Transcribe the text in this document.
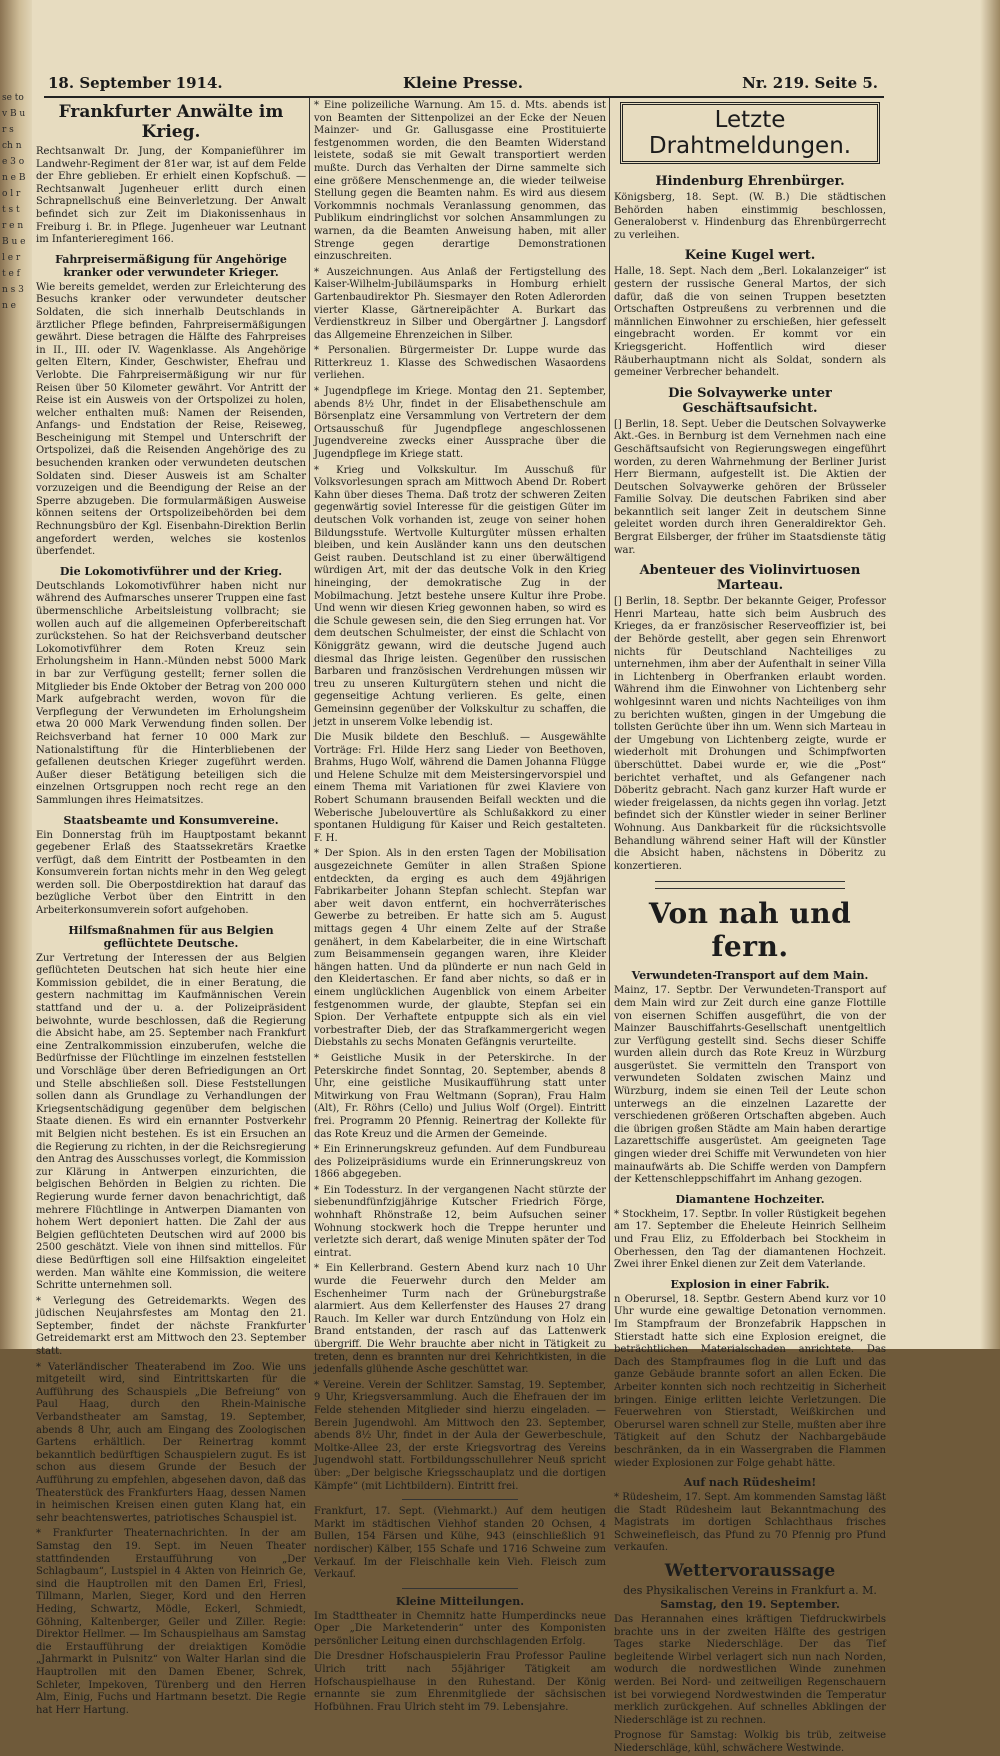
se to v B u r s ch n e 3 o n e B o l r t s t r e n B u e l e r t e f n s 3 n e
18. September 1914.	Kleine Presse.	Nr. 219. Seite 5.
Frankfurter Anwälte im Krieg.

Rechtsanwalt Dr. Jung, der Kompanieführer im Landwehr-Regiment der 81er war, ist auf dem Felde der Ehre geblieben. Er erhielt einen Kopfschuß. — Rechtsanwalt Jugenheuer erlitt durch einen Schrapnellschuß eine Beinverletzung. Der Anwalt befindet sich zur Zeit im Diakonissenhaus in Freiburg i. Br. in Pflege. Jugenheuer war Leutnant im Infanterieregiment 166.

Fahrpreisermäßigung für Angehörige kranker oder verwundeter Krieger.

Wie bereits gemeldet, werden zur Erleichterung des Besuchs kranker oder verwundeter deutscher Soldaten, die sich innerhalb Deutschlands in ärztlicher Pflege befinden, Fahrpreisermäßigungen gewährt. Diese betragen die Hälfte des Fahrpreises in II., III. oder IV. Wagenklasse. Als Angehörige gelten Eltern, Kinder, Geschwister, Ehefrau und Verlobte. Die Fahrpreisermäßigung wir nur für Reisen über 50 Kilometer gewährt. Vor Antritt der Reise ist ein Ausweis von der Ortspolizei zu holen, welcher enthalten muß: Namen der Reisenden, Anfangs- und Endstation der Reise, Reiseweg, Bescheinigung mit Stempel und Unterschrift der Ortspolizei, daß die Reisenden Angehörige des zu besuchenden kranken oder verwundeten deutschen Soldaten sind. Dieser Ausweis ist am Schalter vorzuzeigen und die Beendigung der Reise an der Sperre abzugeben. Die formularmäßigen Ausweise können seitens der Ortspolizeibehörden bei dem Rechnungsbüro der Kgl. Eisenbahn-Direktion Berlin angefordert werden, welches sie kostenlos überfendet.

Die Lokomotivführer und der Krieg.

Deutschlands Lokomotivführer haben nicht nur während des Aufmarsches unserer Truppen eine fast übermenschliche Arbeitsleistung vollbracht; sie wollen auch auf die allgemeinen Opferbereitschaft zurückstehen. So hat der Reichsverband deutscher Lokomotivführer dem Roten Kreuz sein Erholungsheim in Hann.-Münden nebst 5000 Mark in bar zur Verfügung gestellt; ferner sollen die Mitglieder bis Ende Oktober der Betrag von 200 000 Mark aufgebracht werden, wovon für die Verpflegung der Verwundeten im Erholungsheim etwa 20 000 Mark Verwendung finden sollen. Der Reichsverband hat ferner 10 000 Mark zur Nationalstiftung für die Hinterbliebenen der gefallenen deutschen Krieger zugeführt werden. Außer dieser Betätigung beteiligen sich die einzelnen Ortsgruppen noch recht rege an den Sammlungen ihres Heimatsitzes.

Staatsbeamte und Konsumvereine.

Ein Donnerstag früh im Hauptpostamt bekannt gegebener Erlaß des Staatssekretärs Kraetke verfügt, daß dem Eintritt der Postbeamten in den Konsumverein fortan nichts mehr in den Weg gelegt werden soll. Die Oberpostdirektion hat darauf das bezügliche Verbot über den Eintritt in den Arbeiterkonsumverein sofort aufgehoben.

Hilfsmaßnahmen für aus Belgien geflüchtete Deutsche.

Zur Vertretung der Interessen der aus Belgien geflüchteten Deutschen hat sich heute hier eine Kommission gebildet, die in einer Beratung, die gestern nachmittag im Kaufmännischen Verein stattfand und der u. a. der Polizeipräsident beiwohnte, wurde beschlossen, daß die Regierung die Absicht habe, am 25. September nach Frankfurt eine Zentralkommission einzuberufen, welche die Bedürfnisse der Flüchtlinge im einzelnen feststellen und Vorschläge über deren Befriedigungen an Ort und Stelle abschließen soll. Diese Feststellungen sollen dann als Grundlage zu Verhandlungen der Kriegsentschädigung gegenüber dem belgischen Staate dienen. Es wird ein ernannter Postverkehr mit Belgien nicht bestehen. Es ist ein Ersuchen an die Regierung zu richten, in der die Reichsregierung den Antrag des Ausschusses vorlegt, die Kommission zur Klärung in Antwerpen einzurichten, die belgischen Behörden in Belgien zu richten. Die Regierung wurde ferner davon benachrichtigt, daß mehrere Flüchtlinge in Antwerpen Diamanten von hohem Wert deponiert hatten. Die Zahl der aus Belgien geflüchteten Deutschen wird auf 2000 bis 2500 geschätzt. Viele von ihnen sind mittellos. Für diese Bedürftigen soll eine Hilfsaktion eingeleitet werden. Man wählte eine Kommission, die weitere Schritte unternehmen soll.

* Verlegung des Getreidemarkts. Wegen des jüdischen Neujahrsfestes am Montag den 21. September, findet der nächste Frankfurter Getreidemarkt erst am Mittwoch den 23. September statt.

* Vaterländischer Theaterabend im Zoo. Wie uns mitgeteilt wird, sind Eintrittskarten für die Aufführung des Schauspiels „Die Befreiung“ von Paul Haag, durch den Rhein-Mainische Verbandstheater am Samstag, 19. September, abends 8 Uhr, auch am Eingang des Zoologischen Gartens erhältlich. Der Reinertrag kommt bekanntlich bedürftigen Schauspielern zugut. Es ist schon aus diesem Grunde der Besuch der Aufführung zu empfehlen, abgesehen davon, daß das Theaterstück des Frankfurters Haag, dessen Namen in heimischen Kreisen einen guten Klang hat, ein sehr beachtenswertes, patriotisches Schauspiel ist.

* Frankfurter Theaternachrichten. In der am Samstag den 19. Sept. im Neuen Theater stattfindenden Erstaufführung von „Der Schlagbaum“, Lustspiel in 4 Akten von Heinrich Ge, sind die Hauptrollen mit den Damen Erl, Friesl, Tillmann, Marlen, Sieger, Kord und den Herren Heding, Schwartz, Mödle, Eckerl, Schmiedt, Göhning, Kaltenberger, Geiler und Ziller. Regie: Direktor Hellmer. — Im Schauspielhaus am Samstag die Erstaufführung der dreiaktigen Komödie „Jahrmarkt in Pulsnitz“ von Walter Harlan sind die Hauptrollen mit den Damen Ebener, Schrek, Schleter, Impekoven, Türenberg und den Herren Alm, Einig, Fuchs und Hartmann besetzt. Die Regie hat Herr Hartung.

* Eine polizeiliche Warnung. Am 15. d. Mts. abends ist von Beamten der Sittenpolizei an der Ecke der Neuen Mainzer- und Gr. Gallusgasse eine Prostituierte festgenommen worden, die den Beamten Widerstand leistete, sodaß sie mit Gewalt transportiert werden mußte. Durch das Verhalten der Dirne sammelte sich eine größere Menschenmenge an, die wieder teilweise Stellung gegen die Beamten nahm. Es wird aus diesem Vorkommnis nochmals Veranlassung genommen, das Publikum eindringlichst vor solchen Ansammlungen zu warnen, da die Beamten Anweisung haben, mit aller Strenge gegen derartige Demonstrationen einzuschreiten.

* Auszeichnungen. Aus Anlaß der Fertigstellung des Kaiser-Wilhelm-Jubiläumsparks in Homburg erhielt Gartenbaudirektor Ph. Siesmayer den Roten Adlerorden vierter Klasse, Gärtnereipächter A. Burkart das Verdienstkreuz in Silber und Obergärtner J. Langsdorf das Allgemeine Ehrenzeichen in Silber.

* Personalien. Bürgermeister Dr. Luppe wurde das Ritterkreuz 1. Klasse des Schwedischen Wasaordens verliehen.

* Jugendpflege im Kriege. Montag den 21. September, abends 8½ Uhr, findet in der Elisabethenschule am Börsenplatz eine Versammlung von Vertretern der dem Ortsausschuß für Jugendpflege angeschlossenen Jugendvereine zwecks einer Aussprache über die Jugendpflege im Kriege statt.

* Krieg und Volkskultur. Im Ausschuß für Volksvorlesungen sprach am Mittwoch Abend Dr. Robert Kahn über dieses Thema. Daß trotz der schweren Zeiten gegenwärtig soviel Interesse für die geistigen Güter im deutschen Volk vorhanden ist, zeuge von seiner hohen Bildungsstufe. Wertvolle Kulturgüter müssen erhalten bleiben, und kein Ausländer kann uns den deutschen Geist rauben. Deutschland ist zu einer überwältigend würdigen Art, mit der das deutsche Volk in den Krieg hineinging, der demokratische Zug in der Mobilmachung. Jetzt bestehe unsere Kultur ihre Probe. Und wenn wir diesen Krieg gewonnen haben, so wird es die Schule gewesen sein, die den Sieg errungen hat. Vor dem deutschen Schulmeister, der einst die Schlacht von Königgrätz gewann, wird die deutsche Jugend auch diesmal das Ihrige leisten. Gegenüber den russischen Barbaren und französischen Verdrehungen müssen wir treu zu unseren Kulturgütern stehen und nicht die gegenseitige Achtung verlieren. Es gelte, einen Gemeinsinn gegenüber der Volkskultur zu schaffen, die jetzt in unserem Volke lebendig ist.

Die Musik bildete den Beschluß. — Ausgewählte Vorträge: Frl. Hilde Herz sang Lieder von Beethoven, Brahms, Hugo Wolf, während die Damen Johanna Flügge und Helene Schulze mit dem Meistersingervorspiel und einem Thema mit Variationen für zwei Klaviere von Robert Schumann brausenden Beifall weckten und die Weberische Jubelouvertüre als Schlußakkord zu einer spontanen Huldigung für Kaiser und Reich gestalteten. F. H.

* Der Spion. Als in den ersten Tagen der Mobilisation ausgezeichnete Gemüter in allen Straßen Spione entdeckten, da erging es auch dem 49jährigen Fabrikarbeiter Johann Stepfan schlecht. Stepfan war aber weit davon entfernt, ein hochverräterisches Gewerbe zu betreiben. Er hatte sich am 5. August mittags gegen 4 Uhr einem Zelte auf der Straße genähert, in dem Kabelarbeiter, die in eine Wirtschaft zum Beisammensein gegangen waren, ihre Kleider hängen hatten. Und da plünderte er nun nach Geld in den Kleidertaschen. Er fand aber nichts, so daß er in einem unglücklichen Augenblick von einem Arbeiter festgenommen wurde, der glaubte, Stepfan sei ein Spion. Der Verhaftete entpuppte sich als ein viel vorbestrafter Dieb, der das Strafkammergericht wegen Diebstahls zu sechs Monaten Gefängnis verurteilte.

* Geistliche Musik in der Peterskirche. In der Peterskirche findet Sonntag, 20. September, abends 8 Uhr, eine geistliche Musikaufführung statt unter Mitwirkung von Frau Weltmann (Sopran), Frau Halm (Alt), Fr. Röhrs (Cello) und Julius Wolf (Orgel). Eintritt frei. Programm 20 Pfennig. Reinertrag der Kollekte für das Rote Kreuz und die Armen der Gemeinde.

* Ein Erinnerungskreuz gefunden. Auf dem Fundbureau des Polizeipräsidiums wurde ein Erinnerungskreuz von 1866 abgegeben.

* Ein Todessturz. In der vergangenen Nacht stürzte der siebenundfünfzigjährige Kutscher Friedrich Förge, wohnhaft Rhönstraße 12, beim Aufsuchen seiner Wohnung stockwerk hoch die Treppe herunter und verletzte sich derart, daß wenige Minuten später der Tod eintrat.

* Ein Kellerbrand. Gestern Abend kurz nach 10 Uhr wurde die Feuerwehr durch den Melder am Eschenheimer Turm nach der Grüneburgstraße alarmiert. Aus dem Kellerfenster des Hauses 27 drang Rauch. Im Keller war durch Entzündung von Holz ein Brand entstanden, der rasch auf das Lattenwerk übergriff. Die Wehr brauchte aber nicht in Tätigkeit zu treten, denn es brannten nur drei Kehrichtkisten, in die jedenfalls glühende Asche geschüttet war.

* Vereine. Verein der Schlitzer. Samstag, 19. September, 9 Uhr, Kriegsversammlung. Auch die Ehefrauen der im Felde stehenden Mitglieder sind hierzu eingeladen. — Berein Jugendwohl. Am Mittwoch den 23. September, abends 8½ Uhr, findet in der Aula der Gewerbeschule, Moltke-Allee 23, der erste Kriegsvortrag des Vereins Jugendwohl statt. Fortbildungsschullehrer Neuß spricht über: „Der belgische Kriegsschauplatz und die dortigen Kämpfe“ (mit Lichtbildern). Eintritt frei.

Frankfurt, 17. Sept. (Viehmarkt.) Auf dem heutigen Markt im städtischen Viehhof standen 20 Ochsen, 4 Bullen, 154 Färsen und Kühe, 943 (einschließlich 91 nordischer) Kälber, 155 Schafe und 1716 Schweine zum Verkauf. Im der Fleischhalle kein Vieh. Fleisch zum Verkauf.

Kleine Mitteilungen.

Im Stadttheater in Chemnitz hatte Humperdincks neue Oper „Die Marketenderin“ unter des Komponisten persönlicher Leitung einen durchschlagenden Erfolg.

Die Dresdner Hofschauspielerin Frau Professor Pauline Ulrich tritt nach 55jähriger Tätigkeit am Hofschauspielhause in den Ruhestand. Der König ernannte sie zum Ehrenmitgliede der sächsischen Hofbühnen. Frau Ulrich steht im 79. Lebensjahre.

Letzte Drahtmeldungen.
Hindenburg Ehrenbürger.

Königsberg, 18. Sept. (W. B.) Die städtischen Behörden haben einstimmig beschlossen, Generaloberst v. Hindenburg das Ehrenbürgerrecht zu verleihen.

Keine Kugel wert.

Halle, 18. Sept. Nach dem „Berl. Lokalanzeiger“ ist gestern der russische General Martos, der sich dafür, daß die von seinen Truppen besetzten Ortschaften Ostpreußens zu verbrennen und die männlichen Einwohner zu erschießen, hier gefesselt eingebracht worden. Er kommt vor ein Kriegsgericht. Hoffentlich wird dieser Räuberhauptmann nicht als Soldat, sondern als gemeiner Verbrecher behandelt.

Die Solvaywerke unter Geschäftsaufsicht.

[] Berlin, 18. Sept. Ueber die Deutschen Solvaywerke Akt.-Ges. in Bernburg ist dem Vernehmen nach eine Geschäftsaufsicht von Regierungswegen eingeführt worden, zu deren Wahrnehmung der Berliner Jurist Herr Biermann, aufgestellt ist. Die Aktien der Deutschen Solvaywerke gehören der Brüsseler Familie Solvay. Die deutschen Fabriken sind aber bekanntlich seit langer Zeit in deutschem Sinne geleitet worden durch ihren Generaldirektor Geh. Bergrat Eilsberger, der früher im Staatsdienste tätig war.

Abenteuer des Violinvirtuosen Marteau.

[] Berlin, 18. Septbr. Der bekannte Geiger, Professor Henri Marteau, hatte sich beim Ausbruch des Krieges, da er französischer Reserveoffizier ist, bei der Behörde gestellt, aber gegen sein Ehrenwort nichts für Deutschland Nachteiliges zu unternehmen, ihm aber der Aufenthalt in seiner Villa in Lichtenberg in Oberfranken erlaubt worden. Während ihm die Einwohner von Lichtenberg sehr wohlgesinnt waren und nichts Nachteiliges von ihm zu berichten wußten, gingen in der Umgebung die tollsten Gerüchte über ihn um. Wenn sich Marteau in der Umgebung von Lichtenberg zeigte, wurde er wiederholt mit Drohungen und Schimpfworten überschüttet. Dabei wurde er, wie die „Post“ berichtet verhaftet, und als Gefangener nach Döberitz gebracht. Nach ganz kurzer Haft wurde er wieder freigelassen, da nichts gegen ihn vorlag. Jetzt befindet sich der Künstler wieder in seiner Berliner Wohnung. Aus Dankbarkeit für die rücksichtsvolle Behandlung während seiner Haft will der Künstler die Absicht haben, nächstens in Döberitz zu konzertieren.

Von nah und fern.
Verwundeten-Transport auf dem Main.

Mainz, 17. Septbr. Der Verwundeten-Transport auf dem Main wird zur Zeit durch eine ganze Flottille von eisernen Schiffen ausgeführt, die von der Mainzer Bauschiffahrts-Gesellschaft unentgeltlich zur Verfügung gestellt sind. Sechs dieser Schiffe wurden allein durch das Rote Kreuz in Würzburg ausgerüstet. Sie vermitteln den Transport von verwundeten Soldaten zwischen Mainz und Würzburg, indem sie einen Teil der Leute schon unterwegs an die einzelnen Lazarette der verschiedenen größeren Ortschaften abgeben. Auch die übrigen großen Städte am Main haben derartige Lazarettschiffe ausgerüstet. Am geeigneten Tage gingen wieder drei Schiffe mit Verwundeten von hier mainaufwärts ab. Die Schiffe werden von Dampfern der Kettenschleppschiffahrt im Anhang gezogen.

Diamantene Hochzeiter.

* Stockheim, 17. Septbr. In voller Rüstigkeit begehen am 17. September die Eheleute Heinrich Sellheim und Frau Eliz, zu Effolderbach bei Stockheim in Oberhessen, den Tag der diamantenen Hochzeit. Zwei ihrer Enkel dienen zur Zeit dem Vaterlande.

Explosion in einer Fabrik.

n Oberursel, 18. Septbr. Gestern Abend kurz vor 10 Uhr wurde eine gewaltige Detonation vernommen. Im Stampfraum der Bronzefabrik Happschen in Stierstadt hatte sich eine Explosion ereignet, die beträchtlichen Materialschaden anrichtete. Das Dach des Stampfraumes flog in die Luft und das ganze Gebäude brannte sofort an allen Ecken. Die Arbeiter konnten sich noch rechtzeitig in Sicherheit bringen. Einige erlitten leichte Verletzungen. Die Feuerwehren von Stierstadt, Weißkirchen und Oberursel waren schnell zur Stelle, mußten aber ihre Tätigkeit auf den Schutz der Nachbargebäude beschränken, da in ein Wassergraben die Flammen wieder Explosionen zur Folge gehabt hätte.

Auf nach Rüdesheim!

* Rüdesheim, 17. Sept. Am kommenden Samstag läßt die Stadt Rüdesheim laut Bekanntmachung des Magistrats im dortigen Schlachthaus frisches Schweinefleisch, das Pfund zu 70 Pfennig pro Pfund verkaufen.

Wettervoraussage
des Physikalischen Vereins in Frankfurt a. M.
Samstag, den 19. September.

Das Herannahen eines kräftigen Tiefdruckwirbels brachte uns in der zweiten Hälfte des gestrigen Tages starke Niederschläge. Der das Tief begleitende Wirbel verlagert sich nun nach Norden, wodurch die nordwestlichen Winde zunehmen werden. Bei Nord- und zeitweiligen Regenschauern ist bei vorwiegend Nordwestwinden die Temperatur merklich zurückgehen. Auf schnelles Abklingen der Niederschläge ist zu rechnen.

Prognose für Samstag: Wolkig bis trüb, zeitweise Niederschläge, kühl, schwächere Westwinde.
